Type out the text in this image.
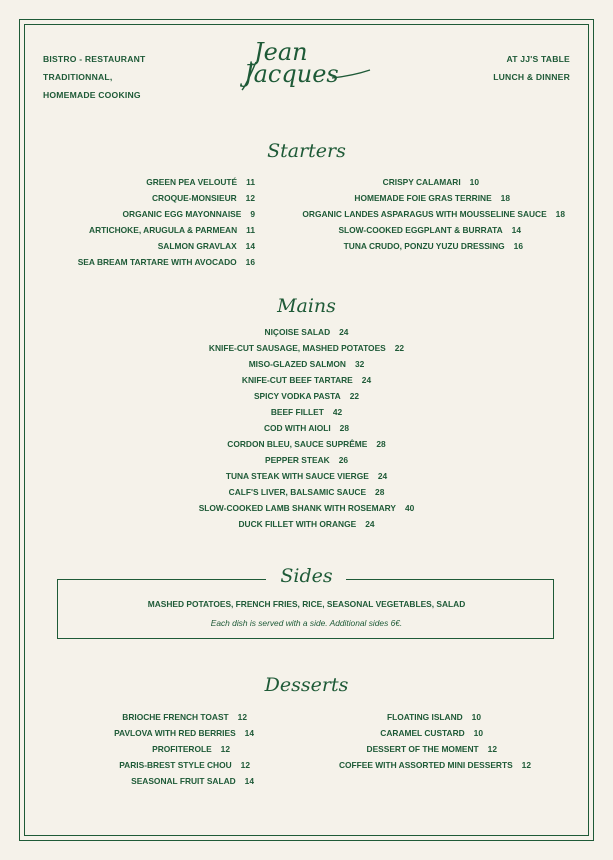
BISTRO - RESTAURANT
TRADITIONNAL,
HOMEMADE COOKING
Jean
Jacques
AT JJ'S TABLE
LUNCH & DINNER
Starters
GREEN PEA VELOUTÉ 11
CROQUE-MONSIEUR 12
ORGANIC EGG MAYONNAISE 9
ARTICHOKE, ARUGULA & PARMEAN 11
SALMON GRAVLAX 14
SEA BREAM TARTARE WITH AVOCADO 16
CRISPY CALAMARI 10
HOMEMADE FOIE GRAS TERRINE 18
ORGANIC LANDES ASPARAGUS WITH MOUSSELINE SAUCE 18
SLOW-COOKED EGGPLANT & BURRATA 14
TUNA CRUDO, PONZU YUZU DRESSING 16
Mains
NIÇOISE SALAD 24
KNIFE-CUT SAUSAGE, MASHED POTATOES 22
MISO-GLAZED SALMON 32
KNIFE-CUT BEEF TARTARE 24
SPICY VODKA PASTA 22
BEEF FILLET 42
COD WITH AIOLI 28
CORDON BLEU, SAUCE SUPRÊME 28
PEPPER STEAK 26
TUNA STEAK WITH SAUCE VIERGE 24
CALF'S LIVER, BALSAMIC SAUCE 28
SLOW-COOKED LAMB SHANK WITH ROSEMARY 40
DUCK FILLET WITH ORANGE 24
Sides
MASHED POTATOES, FRENCH FRIES, RICE, SEASONAL VEGETABLES, SALAD
Each dish is served with a side. Additional sides 6€.
Desserts
BRIOCHE FRENCH TOAST 12
PAVLOVA WITH RED BERRIES 14
PROFITEROLE 12
PARIS-BREST STYLE CHOU 12
SEASONAL FRUIT SALAD 14
FLOATING ISLAND 10
CARAMEL CUSTARD 10
DESSERT OF THE MOMENT 12
COFFEE WITH ASSORTED MINI DESSERTS 12
